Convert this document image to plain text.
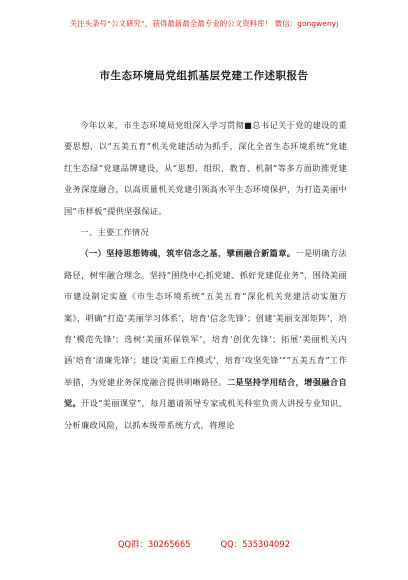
关注头条号“公文研究”，获得最新最全最专业的公文资料库！ 微信：gongwenyj
市生态环境局党组抓基层党建工作述职报告

今年以来，市生态环境局党组深入学习贯彻■总书记关于党的建设的重要思想，以“五美五育”机关党建活动为抓手，深化全省生态环境系统“党建红生态绿”党建品牌建设，从“思想、组织、教育、机制”等多方面助推党建业务深度融合，以高质量机关党建引领高水平生态环境保护，为打造美丽中国“市样板”提供坚强保证。

一、主要工作情况

（一）坚持思想铸魂，筑牢信念之基，擘画融合新篇章。一是明确方法路径，树牢融合理念。坚持“围绕中心抓党建、抓好党建促业务”，围绕美丽市建设制定实施《市生态环境系统“五美五育”深化机关党建活动实施方案》，明确“打造‘美丽学习体系’，培育‘信念先锋’；创建‘美丽支部矩阵’，培育‘模范先锋’；选树‘美丽环保铁军’，培育‘创优先锋’；拓展‘美丽机关内涵’培育‘清廉先锋’；建设‘美丽工作模式’，培育‘攻坚先锋’”“五美五育”工作举措，为党建业务深度融合提供明晰路径。二是坚持学用结合，增强融合自觉。开设“美丽课堂”，每月邀请领导专家或机关科室负责人讲授专业知识、分析廉政风险，以抓本级带系统方式，将理论

QQ群：30265665	QQ：535304092
